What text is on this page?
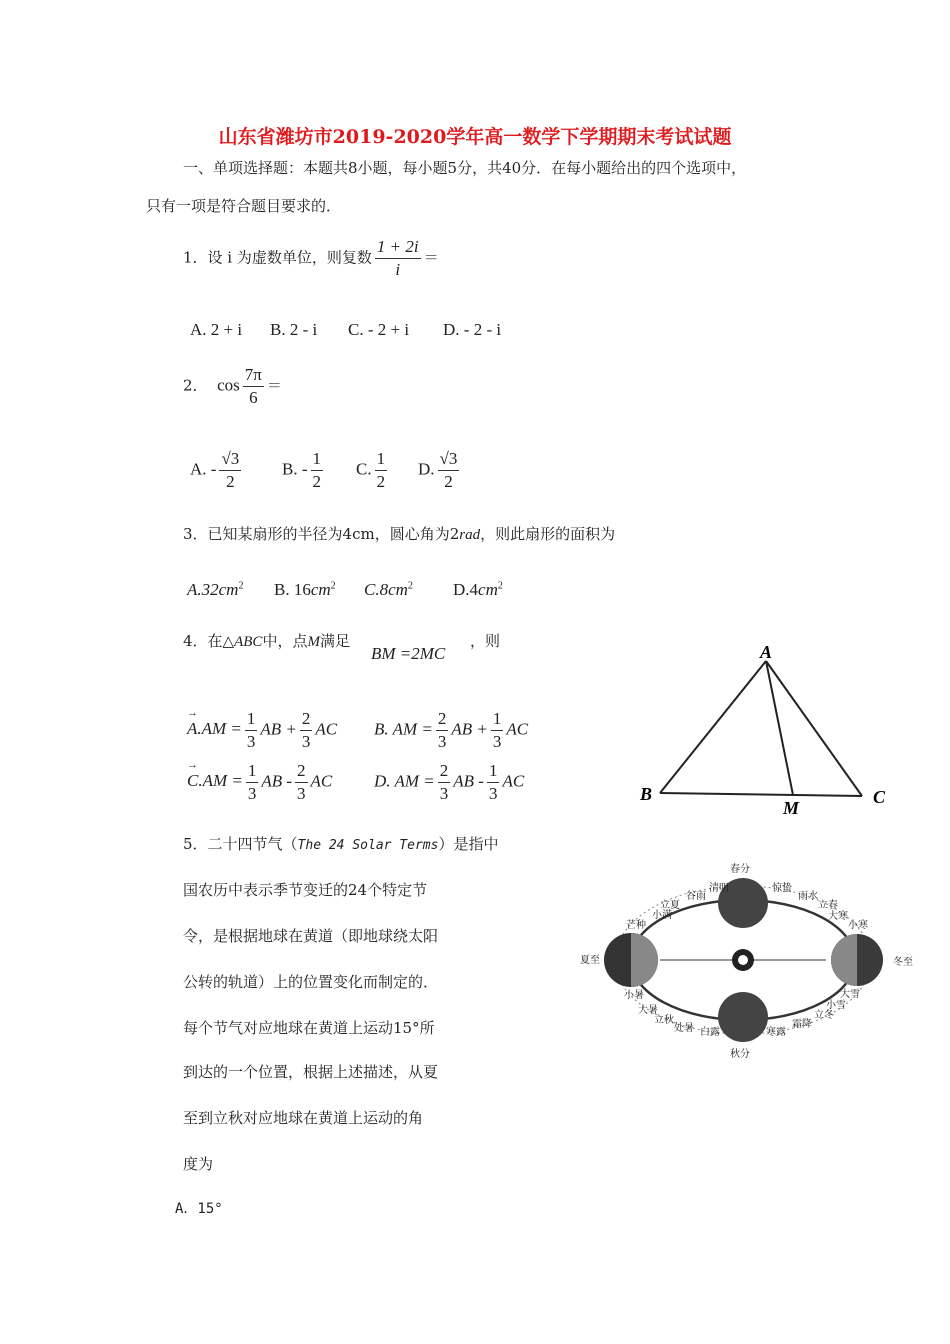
山东省潍坊市2019-2020学年高一数学下学期期末考试试题
一、单项选择题：本题共8小题，每小题5分，共40分．在每小题给出的四个选项中，
只有一项是符合题目要求的．
1．设 i 为虚数单位，则复数 $\frac{1 + 2i}{i}$ ＝
A. 2 + i B. 2 - i C. - 2 + i D. - 2 - i
2． $\cos \frac{7\pi}{6}$ ＝
A. - $\frac{√3}{2} B$. - $\frac{1}{2} C$. $\frac{1}{2} D$. $\frac{√3}{2}$
3．已知某扇形的半径为4cm，圆心角为2rad，则此扇形的面积为
$A.32cm^2$ B. $16cm^2$ $C.8cm^2$ $D.4cm^2$
4．在△ABC中，点M满足
BM =2MC
，则
→ $A.AM = \frac{1}{3}$ AB + $\frac{2}{3}$ AC B. AM = $\frac{2}{3}$ AB + $\frac{1}{3}$ AC
→ $C.AM = \frac{1}{3}$ AB - $\frac{2}{3}$ AC D. AM = $\frac{2}{3}$ AB - $\frac{1}{3}$ AC
A
B	C
M
5．二十四节气（The 24 Solar Terms）是指中
国农历中表示季节变迁的24个特定节
令，是根据地球在黄道（即地球绕太阳
公转的轨道）上的位置变化而制定的．
每个节气对应地球在黄道上运动15°所
到达的一个位置，根据上述描述，从夏
至到立秋对应地球在黄道上运动的角
度为
A．15°
春分
秋分
夏至	冬至
清明
谷雨
立夏
小满
芒种
惊蛰
雨水
立春
大寒
小寒
小暑
大暑
立秋
处暑 白露	寒露
霜降
立冬
小雪
大雪
